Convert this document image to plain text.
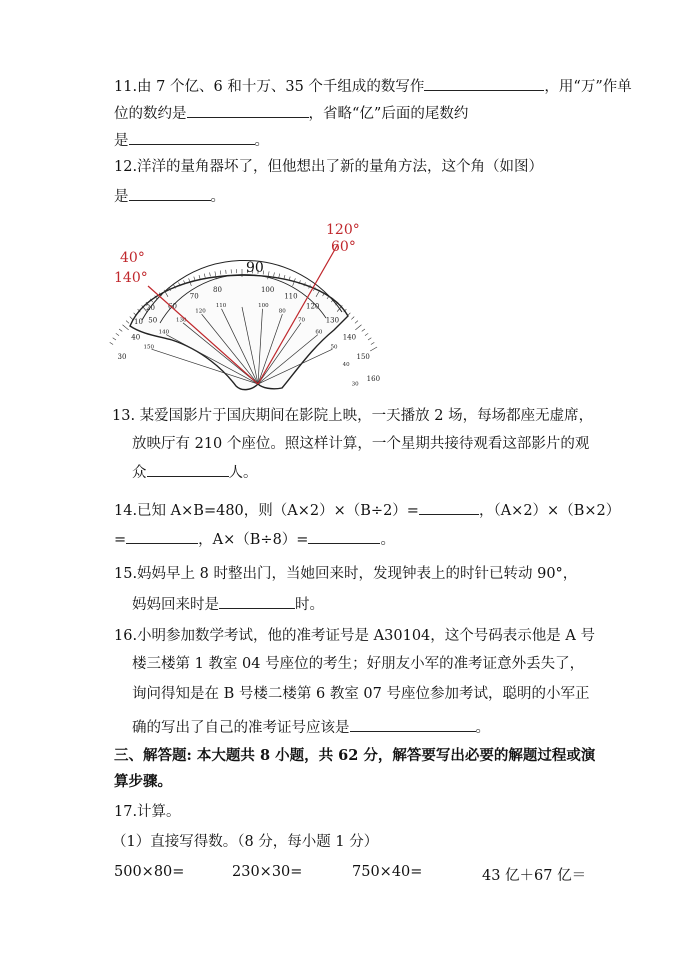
11.由 7 个亿、6 和十万、35 个千组成的数写作	，用“万”作单
位的数约是	，省略“亿”后面的尾数约
是	。
12.洋洋的量角器坏了，但他想出了新的量角方法，这个角（如图）
是	。
30
40
50
60
70
80	100
110
120
130
140
150
160
10
20
150
140
130
120
110	100
80
70
60
50
40
30
90
40°
140°
120°
60°
13. 某爱国影片于国庆期间在影院上映，一天播放 2 场，每场都座无虚席，
放映厅有 210 个座位。照这样计算，一个星期共接待观看这部影片的观
众	人。
14.已知 A×B=480，则（A×2）×（B÷2）=	，（A×2）×（B×2）
=	，A×（B÷8）=	。
15.妈妈早上 8 时整出门，当她回来时，发现钟表上的时针已转动 90°，
妈妈回来时是	时。
16.小明参加数学考试，他的准考证号是 A30104，这个号码表示他是 A 号
楼三楼第 1 教室 04 号座位的考生；好朋友小军的准考证意外丢失了，
询问得知是在 B 号楼二楼第 6 教室 07 号座位参加考试，聪明的小军正
确的写出了自己的准考证号应该是	。
三、解答题: 本大题共 8 小题，共 62 分，解答要写出必要的解题过程或演
算步骤。
17.计算。
（1）直接写得数。（8 分，每小题 1 分）
500×80=	230×30=	750×40=	43 亿＋67 亿＝
